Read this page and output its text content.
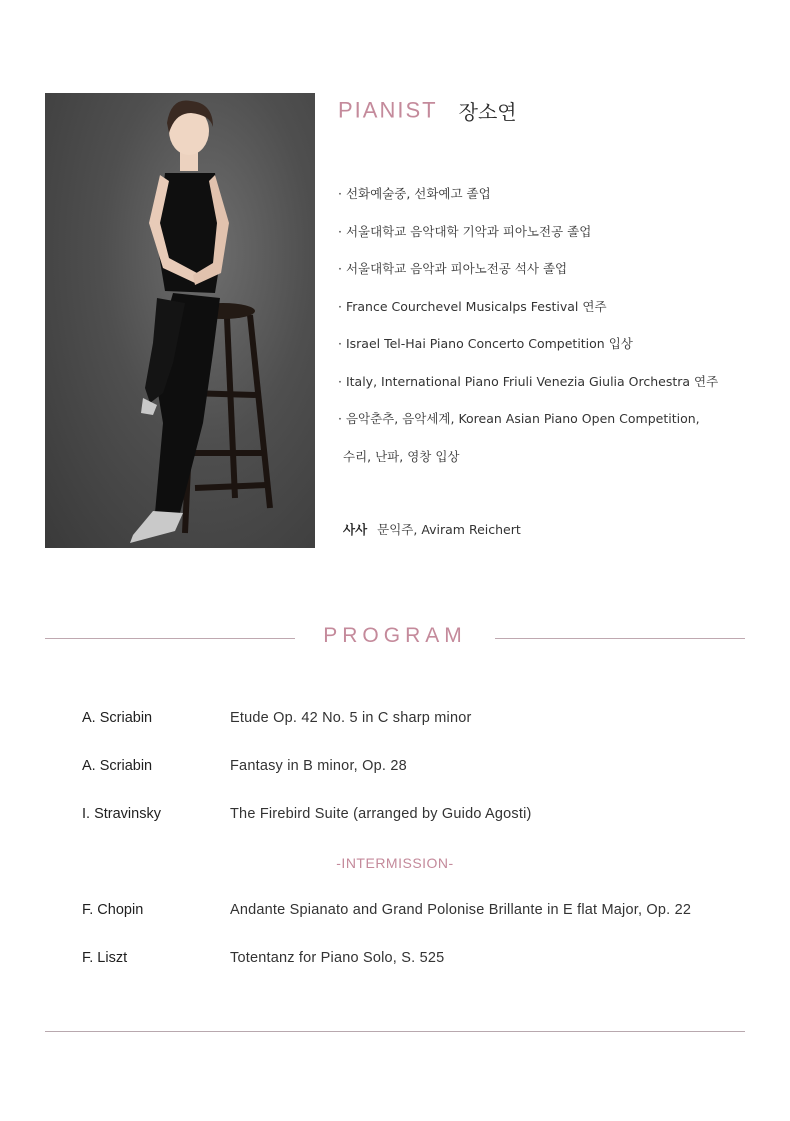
PIANIST 장소연
· 선화예술중, 선화예고 졸업
· 서울대학교 음악대학 기악과 피아노전공 졸업
· 서울대학교 음악과 피아노전공 석사 졸업
· France Courchevel Musicalps Festival 연주
· Israel Tel-Hai Piano Concerto Competition 입상
· Italy, International Piano Friuli Venezia Giulia Orchestra 연주
· 음악춘추, 음악세계, Korean Asian Piano Open Competition,
수리, 난파, 영창 입상
사사 문익주, Aviram Reichert
PROGRAM
A. Scriabin	Etude Op. 42 No. 5 in C sharp minor
A. Scriabin	Fantasy in B minor, Op. 28
I. Stravinsky	The Firebird Suite (arranged by Guido Agosti)
-INTERMISSION-
F. Chopin	Andante Spianato and Grand Polonise Brillante in E flat Major, Op. 22
F. Liszt	Totentanz for Piano Solo, S. 525
